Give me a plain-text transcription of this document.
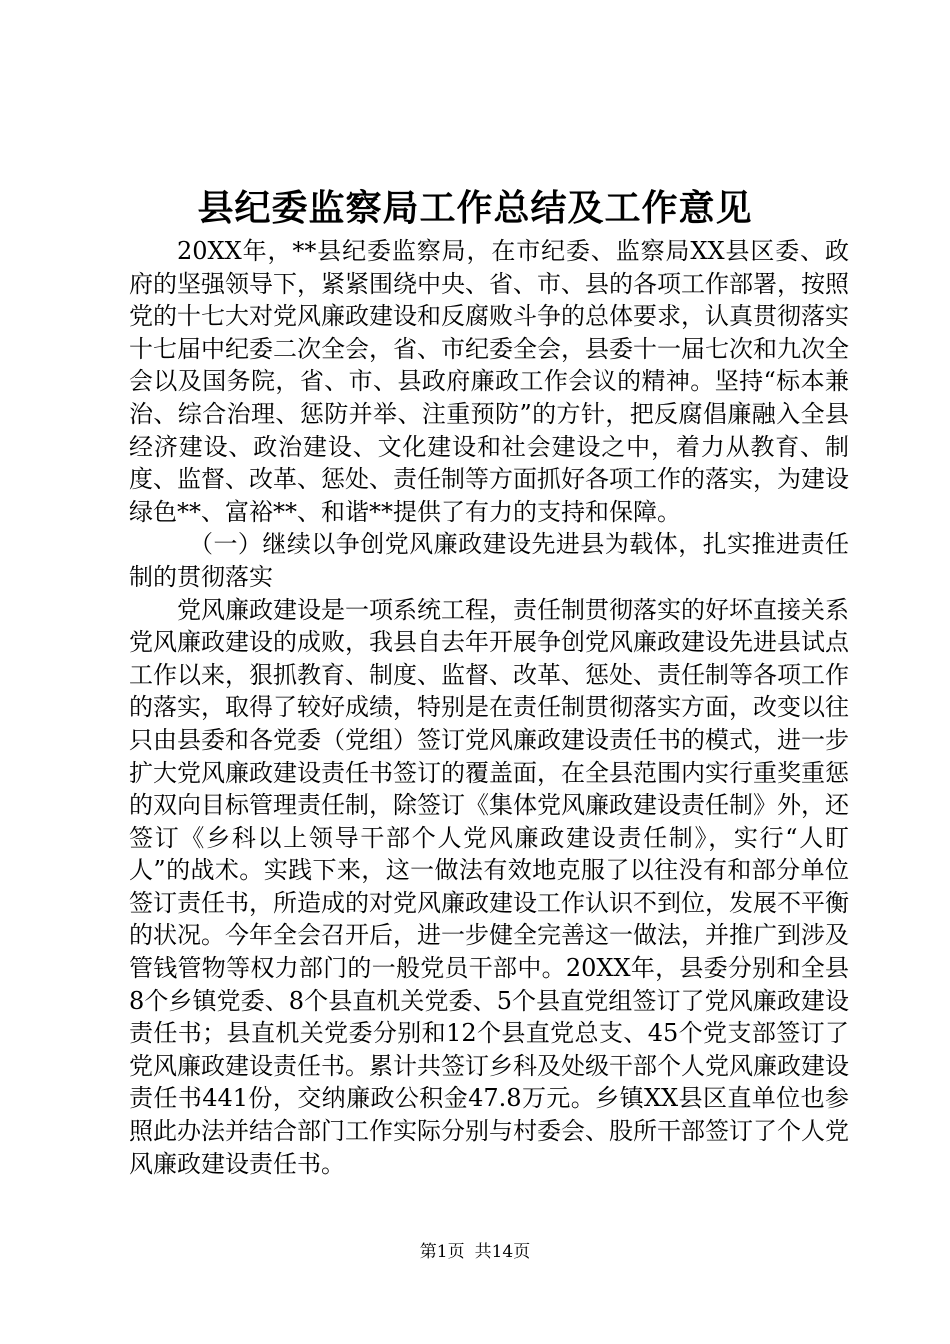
县纪委监察局工作总结及工作意见

20XX年，**县纪委监察局，在市纪委、监察局XX县区委、政府的坚强领导下，紧紧围绕中央、省、市、县的各项工作部署，按照党的十七大对党风廉政建设和反腐败斗争的总体要求，认真贯彻落实十七届中纪委二次全会，省、市纪委全会，县委十一届七次和九次全会以及国务院，省、市、县政府廉政工作会议的精神。坚持“标本兼治、综合治理、惩防并举、注重预防”的方针，把反腐倡廉融入全县经济建设、政治建设、文化建设和社会建设之中，着力从教育、制度、监督、改革、惩处、责任制等方面抓好各项工作的落实，为建设绿色**、富裕**、和谐**提供了有力的支持和保障。

（一）继续以争创党风廉政建设先进县为载体，扎实推进责任制的贯彻落实

党风廉政建设是一项系统工程，责任制贯彻落实的好坏直接关系党风廉政建设的成败，我县自去年开展争创党风廉政建设先进县试点工作以来，狠抓教育、制度、监督、改革、惩处、责任制等各项工作的落实，取得了较好成绩，特别是在责任制贯彻落实方面，改变以往只由县委和各党委（党组）签订党风廉政建设责任书的模式，进一步扩大党风廉政建设责任书签订的覆盖面，在全县范围内实行重奖重惩的双向目标管理责任制，除签订《集体党风廉政建设责任制》外，还签订《乡科以上领导干部个人党风廉政建设责任制》，实行“人盯人”的战术。实践下来，这一做法有效地克服了以往没有和部分单位签订责任书，所造成的对党风廉政建设工作认识不到位，发展不平衡的状况。今年全会召开后，进一步健全完善这一做法，并推广到涉及管钱管物等权力部门的一般党员干部中。20XX年，县委分别和全县8个乡镇党委、8个县直机关党委、5个县直党组签订了党风廉政建设责任书；县直机关党委分别和12个县直党总支、45个党支部签订了党风廉政建设责任书。累计共签订乡科及处级干部个人党风廉政建设责任书441份，交纳廉政公积金47.8万元。乡镇XX县区直单位也参照此办法并结合部门工作实际分别与村委会、股所干部签订了个人党风廉政建设责任书。

第1页 共14页
